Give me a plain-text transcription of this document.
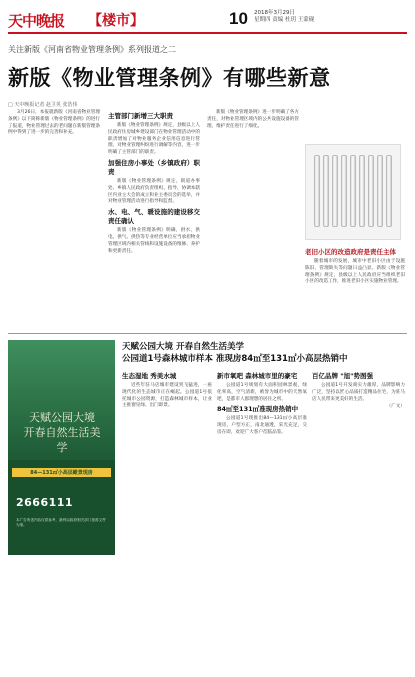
天中晚报 【楼市】	10 2018年3月29日
星期四 责编 杜玥 王蒙砚
关注新版《河南省物业管理条例》系列报道之二
新版《物业管理条例》有哪些新意
□ 天中晚报记者 赵卫英 张浩伟

3月26日，本报就新版《河南省物业管理条例》以下简称新版《物业管理条例》的进行了报道，物业管理过去的老问题在新版管理条例中得到了进一步的完善和补充。

主管部门新增三大职责

新版《物业管理条例》规定，县级以上人民政府住房城乡建设部门在物业管理活动中的职责增加了对物业服务企业信用信息进行管理、对物业管理纠纷进行调解等内容，进一步明确了主管部门的职责。

加强住房小事处（乡镇政府）职责

新版《物业管理条例》规定，街道办事处、乡镇人民政府负责组织、指导、协调本辖区内业主大会的成立和业主委员会的选举，并对物业管理活动进行指导和监督。

水、电、气、暖设施的建设移交责任确认

新版《物业管理条例》明确，供水、供电、供气、供热等专业经营单位应当承担物业管理区域内相关管线和设施设备的维修、养护和更新责任。

新版《物业管理条例》进一步明确了各方责任，对物业管理区域内的公共设施设备的管理、维护责任进行了细化。

老旧小区的改造政府是责任主体

随着城市的发展，城市中老旧小区由于设施陈旧、管理缺失等问题日益凸显。新版《物业管理条例》规定，县级以上人民政府应当组织老旧小区的改造工作，推进老旧小区实施物业管理。

天赋公园大境 开春自然生活美学
84—131㎡小高层瞰景现房
2666111
本广告所述内容仅供参考，最终以政府相关部门批准文件为准。
天赋公园大境 开春自然生活美学
公园道1号森林城市样本 准现房84㎡至131㎡小高层热销中
生态湿地 秀美水城

近些年驻马店城市建设突飞猛进，一座现代化的生态城市正在崛起。公园道1号依托城市公园资源，打造森林城市样本，让业主推窗见绿、出门即景。

新市氧吧 森林城市里的豪宅

公园道1号规划有大面积园林景观，绿化率高，空气清新，被誉为城市中的天然氧吧，是都市人群理想的居住之所。

84㎡至131㎡准现房热销中

公园道1号现推出84—131㎡小高层准现房，户型方正，南北通透，采光充足，交房在即，欢迎广大客户莅临品鉴。

百亿品牌 "旭"势图强

公园道1号开发商实力雄厚，品牌影响力广泛，坚持以匠心品质打造精品住宅，为驻马店人民带来更美好的生活。

（广文）
